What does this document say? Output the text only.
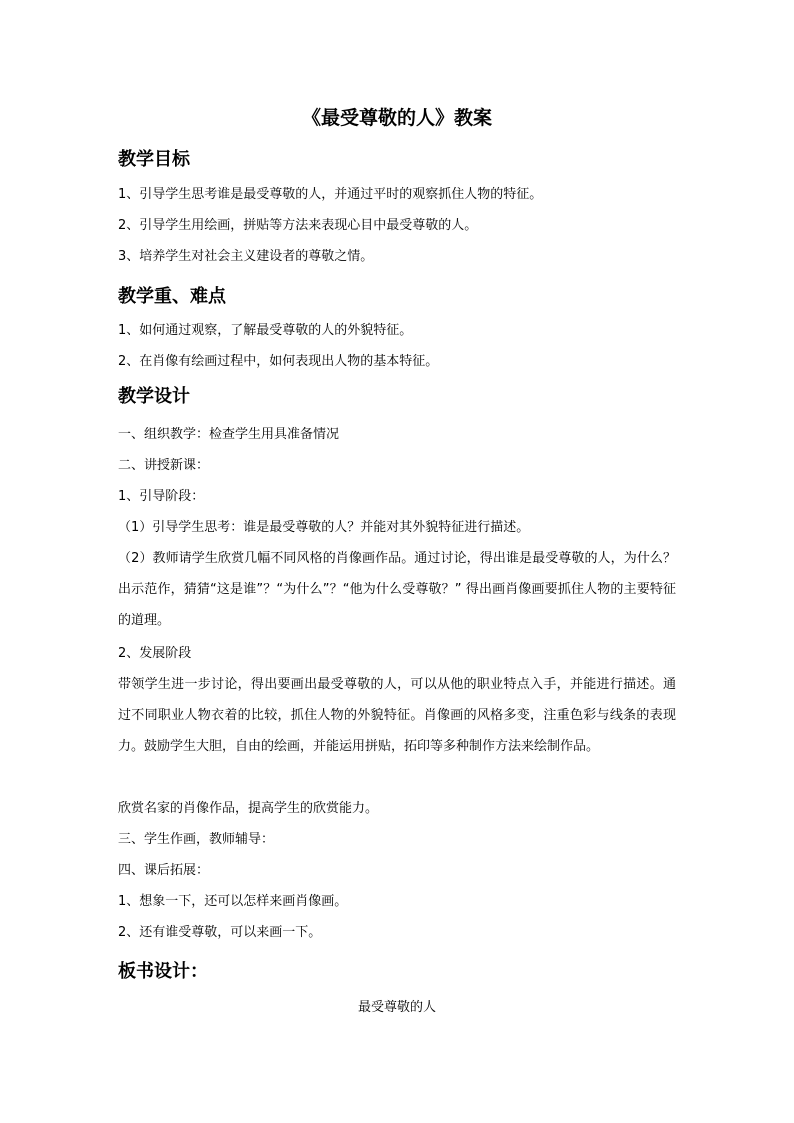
《最受尊敬的人》教案
教学目标
1、引导学生思考谁是最受尊敬的人，并通过平时的观察抓住人物的特征。
2、引导学生用绘画，拼贴等方法来表现心目中最受尊敬的人。
3、培养学生对社会主义建设者的尊敬之情。
教学重、难点
1、如何通过观察，了解最受尊敬的人的外貌特征。
2、在肖像有绘画过程中，如何表现出人物的基本特征。
教学设计
一、组织教学：检查学生用具准备情况
二、讲授新课：
1、引导阶段：
（1）引导学生思考：谁是最受尊敬的人？并能对其外貌特征进行描述。
（2）教师请学生欣赏几幅不同风格的肖像画作品。通过讨论，得出谁是最受尊敬的人，为什么？出示范作，猜猜“这是谁”？“为什么”？“他为什么受尊敬？” 得出画肖像画要抓住人物的主要特征的道理。
2、发展阶段
带领学生进一步讨论，得出要画出最受尊敬的人，可以从他的职业特点入手，并能进行描述。通过不同职业人物衣着的比较，抓住人物的外貌特征。肖像画的风格多变，注重色彩与线条的表现力。鼓励学生大胆，自由的绘画，并能运用拼贴，拓印等多种制作方法来绘制作品。
欣赏名家的肖像作品，提高学生的欣赏能力。
三、学生作画，教师辅导：
四、课后拓展：
1、想象一下，还可以怎样来画肖像画。
2、还有谁受尊敬，可以来画一下。
板书设计：
最受尊敬的人
